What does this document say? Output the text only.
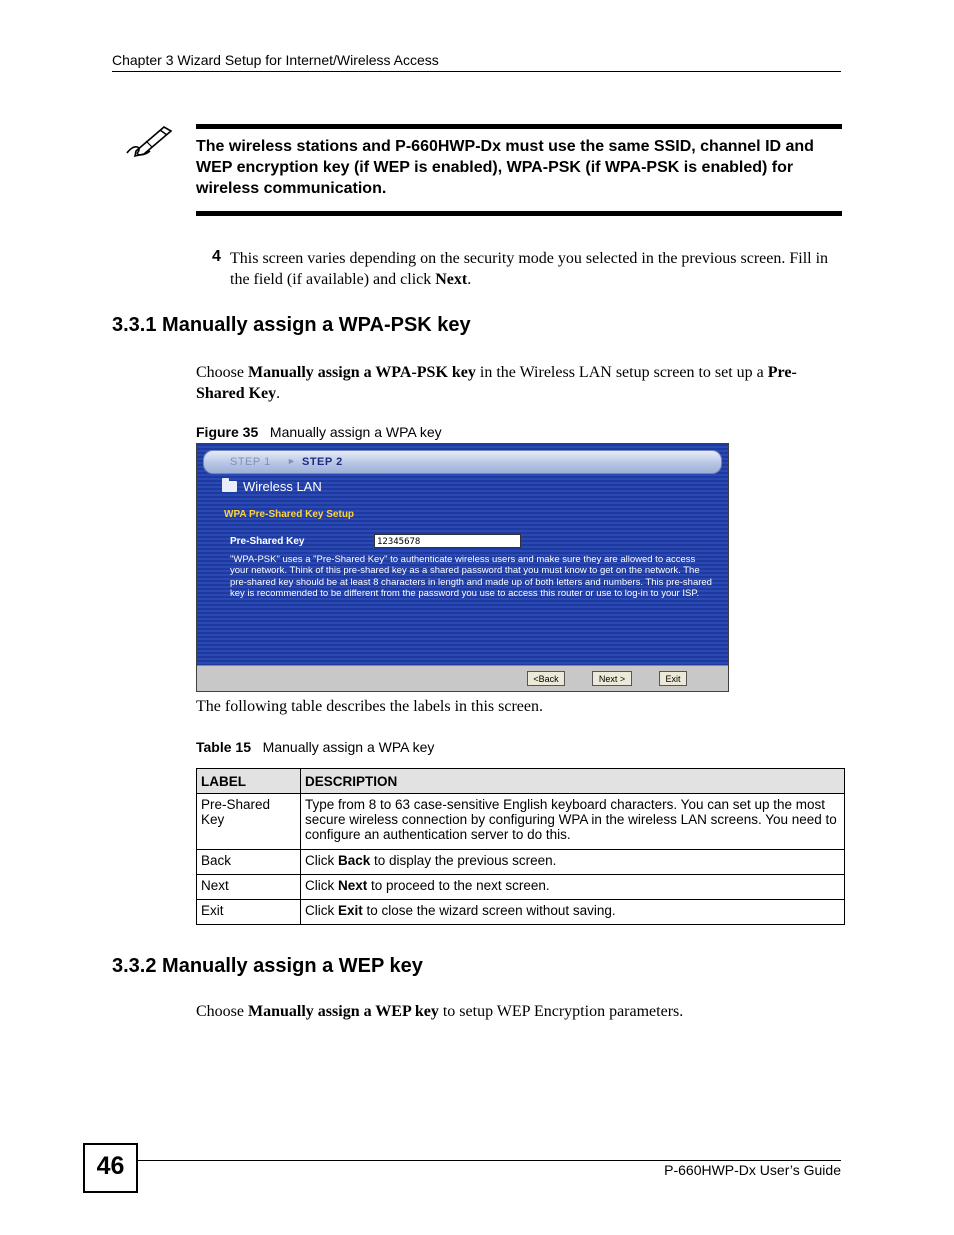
Chapter 3 Wizard Setup for Internet/Wireless Access
The wireless stations and P-660HWP-Dx must use the same SSID, channel ID and WEP encryption key (if WEP is enabled), WPA-PSK (if WPA-PSK is enabled) for wireless communication.
4 This screen varies depending on the security mode you selected in the previous screen. Fill in the field (if available) and click Next.
3.3.1 Manually assign a WPA-PSK key
Choose Manually assign a WPA-PSK key in the Wireless LAN setup screen to set up a Pre-Shared Key.
Figure 35 Manually assign a WPA key
STEP 1 ► STEP 2
Wireless LAN
WPA Pre-Shared Key Setup
Pre-Shared Key	12345678
"WPA-PSK" uses a "Pre-Shared Key" to authenticate wireless users and make sure they are allowed to access your network. Think of this pre-shared key as a shared password that you must know to get on the network. The pre-shared key should be at least 8 characters in length and made up of both letters and numbers. This pre-shared key is recommended to be different from the password you use to access this router or use to log-in to your ISP.
<Back	Next >	Exit
The following table describes the labels in this screen.
Table 15 Manually assign a WPA key
LABEL	DESCRIPTION
Pre-Shared Key	Type from 8 to 63 case-sensitive English keyboard characters. You can set up the most secure wireless connection by configuring WPA in the wireless LAN screens. You need to configure an authentication server to do this.
Back	Click Back to display the previous screen.
Next	Click Next to proceed to the next screen.
Exit	Click Exit to close the wizard screen without saving.
3.3.2 Manually assign a WEP key
Choose Manually assign a WEP key to setup WEP Encryption parameters.
46	P-660HWP-Dx User’s Guide
